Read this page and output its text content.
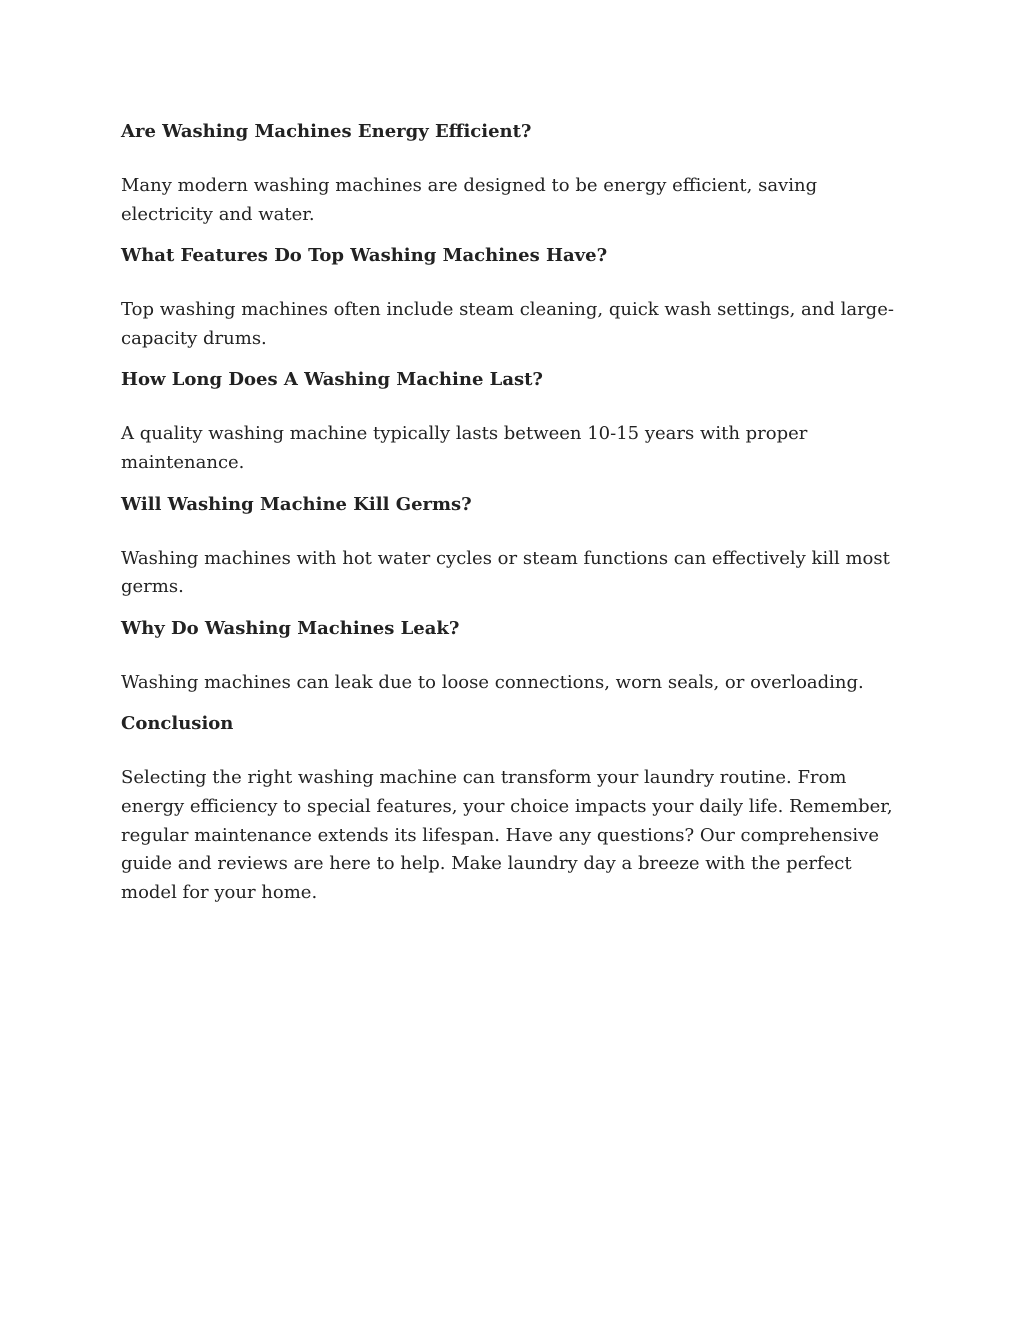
Are Washing Machines Energy Efficient?

Many modern washing machines are designed to be energy efficient, saving electricity and water.

What Features Do Top Washing Machines Have?

Top washing machines often include steam cleaning, quick wash settings, and large-capacity drums.

How Long Does A Washing Machine Last?

A quality washing machine typically lasts between 10-15 years with proper maintenance.

Will Washing Machine Kill Germs?

Washing machines with hot water cycles or steam functions can effectively kill most germs.

Why Do Washing Machines Leak?

Washing machines can leak due to loose connections, worn seals, or overloading.

Conclusion

Selecting the right washing machine can transform your laundry routine. From energy efficiency to special features, your choice impacts your daily life. Remember, regular maintenance extends its lifespan. Have any questions? Our comprehensive guide and reviews are here to help. Make laundry day a breeze with the perfect model for your home.
